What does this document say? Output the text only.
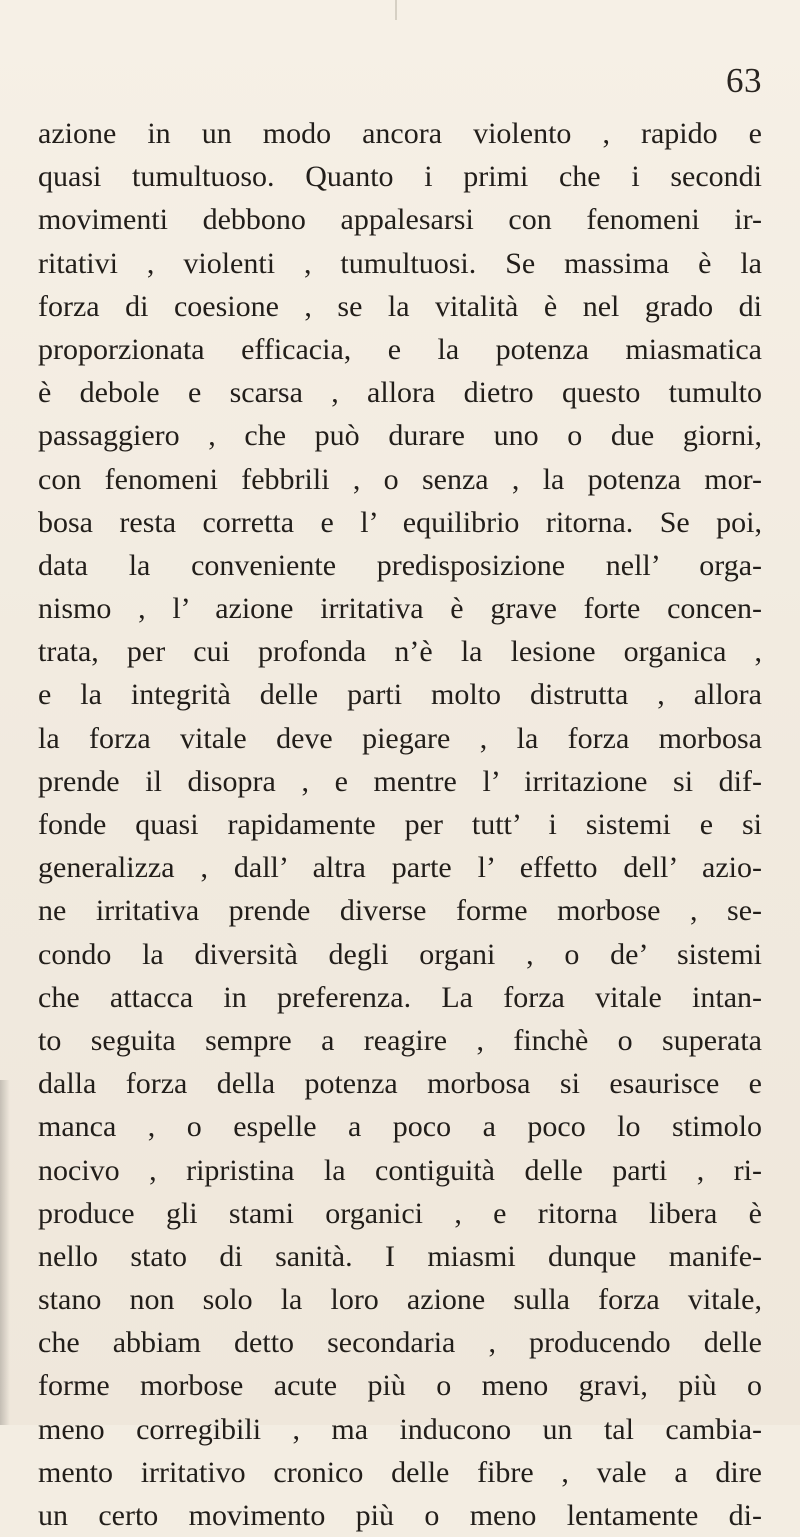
63
azione in un modo ancora violento , rapido e
quasi tumultuoso. Quanto i primi che i secondi
movimenti debbono appalesarsi con fenomeni ir-
ritativi , violenti , tumultuosi. Se massima è la
forza di coesione , se la vitalità è nel grado di
proporzionata efficacia, e la potenza miasmatica
è debole e scarsa , allora dietro questo tumulto
passaggiero , che può durare uno o due giorni,
con fenomeni febbrili , o senza , la potenza mor-
bosa resta corretta e l’ equilibrio ritorna. Se poi,
data la conveniente predisposizione nell’ orga-
nismo , l’ azione irritativa è grave forte concen-
trata, per cui profonda n’è la lesione organica ,
e la integrità delle parti molto distrutta , allora
la forza vitale deve piegare , la forza morbosa
prende il disopra , e mentre l’ irritazione si dif-
fonde quasi rapidamente per tutt’ i sistemi e si
generalizza , dall’ altra parte l’ effetto dell’ azio-
ne irritativa prende diverse forme morbose , se-
condo la diversità degli organi , o de’ sistemi
che attacca in preferenza. La forza vitale intan-
to seguita sempre a reagire , finchè o superata
dalla forza della potenza morbosa si esaurisce e
manca , o espelle a poco a poco lo stimolo
nocivo , ripristina la contiguità delle parti , ri-
produce gli stami organici , e ritorna libera è
nello stato di sanità. I miasmi dunque manife-
stano non solo la loro azione sulla forza vitale,
che abbiam detto secondaria , producendo delle
forme morbose acute più o meno gravi, più o
meno corregibili , ma inducono un tal cambia-
mento irritativo cronico delle fibre , vale a dire
un certo movimento più o meno lentamente di-
